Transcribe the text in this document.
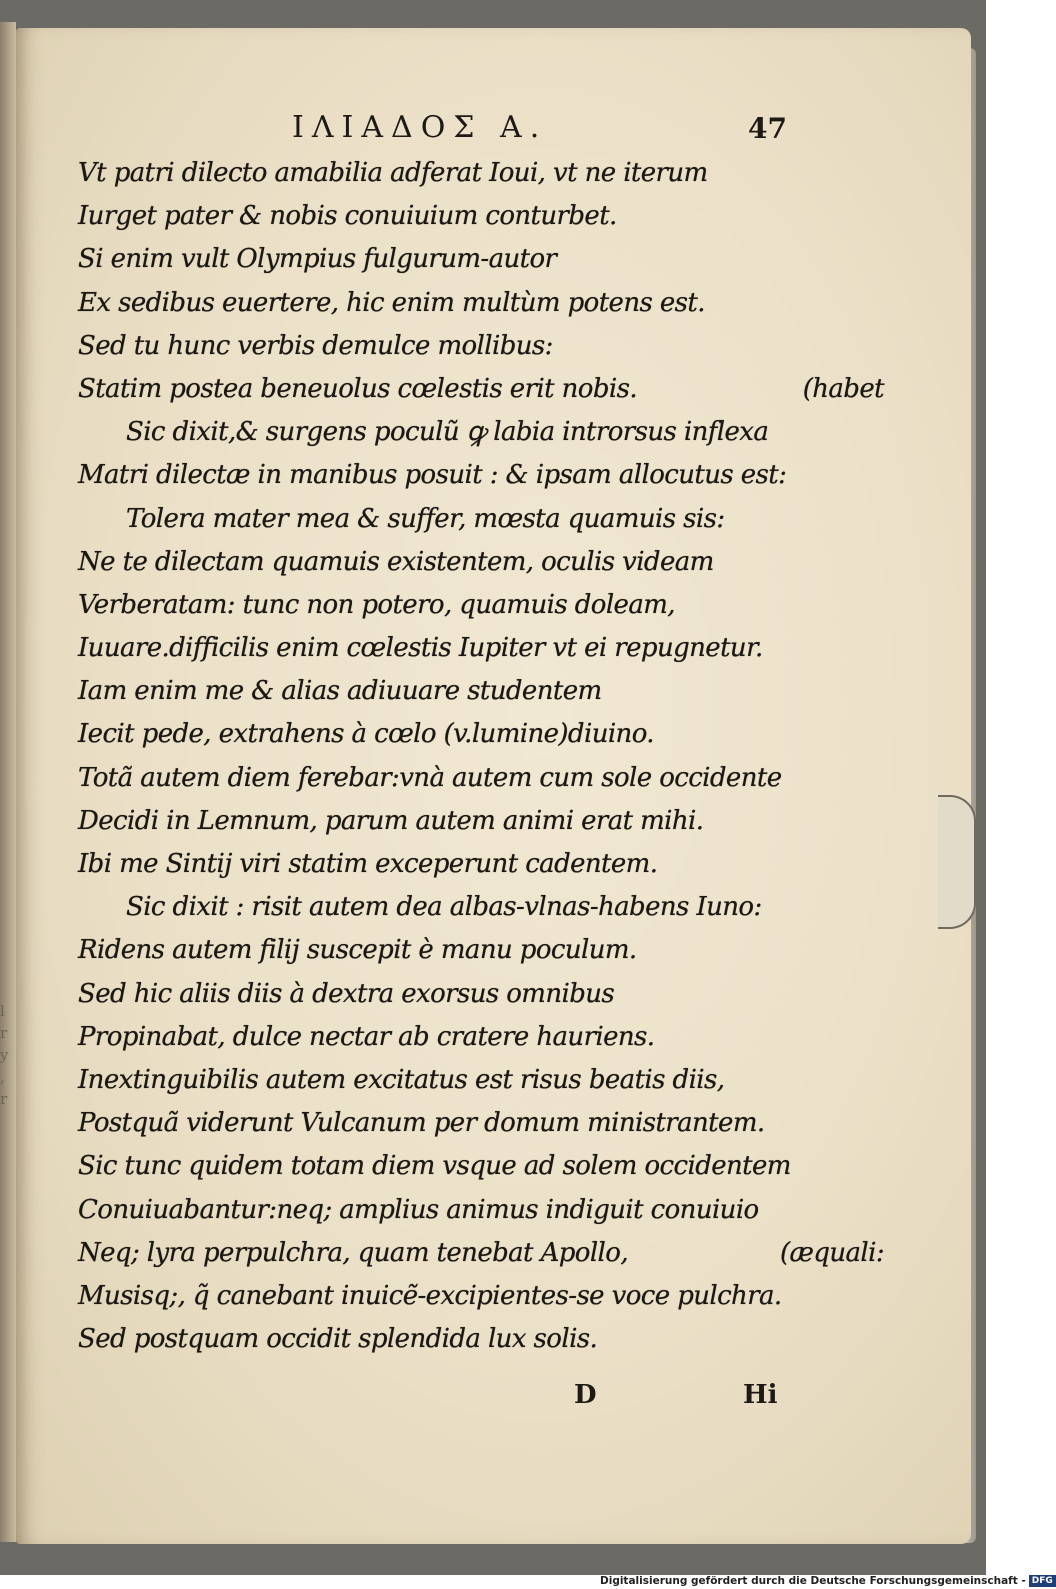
l
r
y
,
r
ΙΛΙΑΔΟΣ Α.	47
Vt patri dilecto amabilia adferat Ioui, vt ne iterum
Iurget pater & nobis conuiuium conturbet.
Si enim vult Olympius fulgurum-autor
Ex sedibus euertere, hic enim multùm potens est.
Sed tu hunc verbis demulce mollibus:
Statim postea beneuolus cœlestis erit nobis.	(habet
Sic dixit,& surgens poculũ ꝙ labia introrsus inflexa
Matri dilectæ in manibus posuit : & ipsam allocutus est:
Tolera mater mea & suffer, mœsta quamuis sis:
Ne te dilectam quamuis existentem, oculis videam
Verberatam: tunc non potero, quamuis doleam,
Iuuare.difficilis enim cœlestis Iupiter vt ei repugnetur.
Iam enim me & alias adiuuare studentem
Iecit pede, extrahens à cœlo (v.lumine)diuino.
Totã autem diem ferebar:vnà autem cum sole occidente
Decidi in Lemnum, parum autem animi erat mihi.
Ibi me Sintij viri statim exceperunt cadentem.
Sic dixit : risit autem dea albas-vlnas-habens Iuno:
Ridens autem filij suscepit è manu poculum.
Sed hic aliis diis à dextra exorsus omnibus
Propinabat, dulce nectar ab cratere hauriens.
Inextinguibilis autem excitatus est risus beatis diis,
Postquã viderunt Vulcanum per domum ministrantem.
Sic tunc quidem totam diem vsque ad solem occidentem
Conuiuabantur:neq; amplius animus indiguit conuiuio
Neq; lyra perpulchra, quam tenebat Apollo,	(æquali:
Musisq;, q̃ canebant inuicẽ-excipientes-se voce pulchra.
Sed postquam occidit splendida lux solis.
D	Hi
Digitalisierung gefördert durch die Deutsche Forschungsgemeinschaft - DFG
